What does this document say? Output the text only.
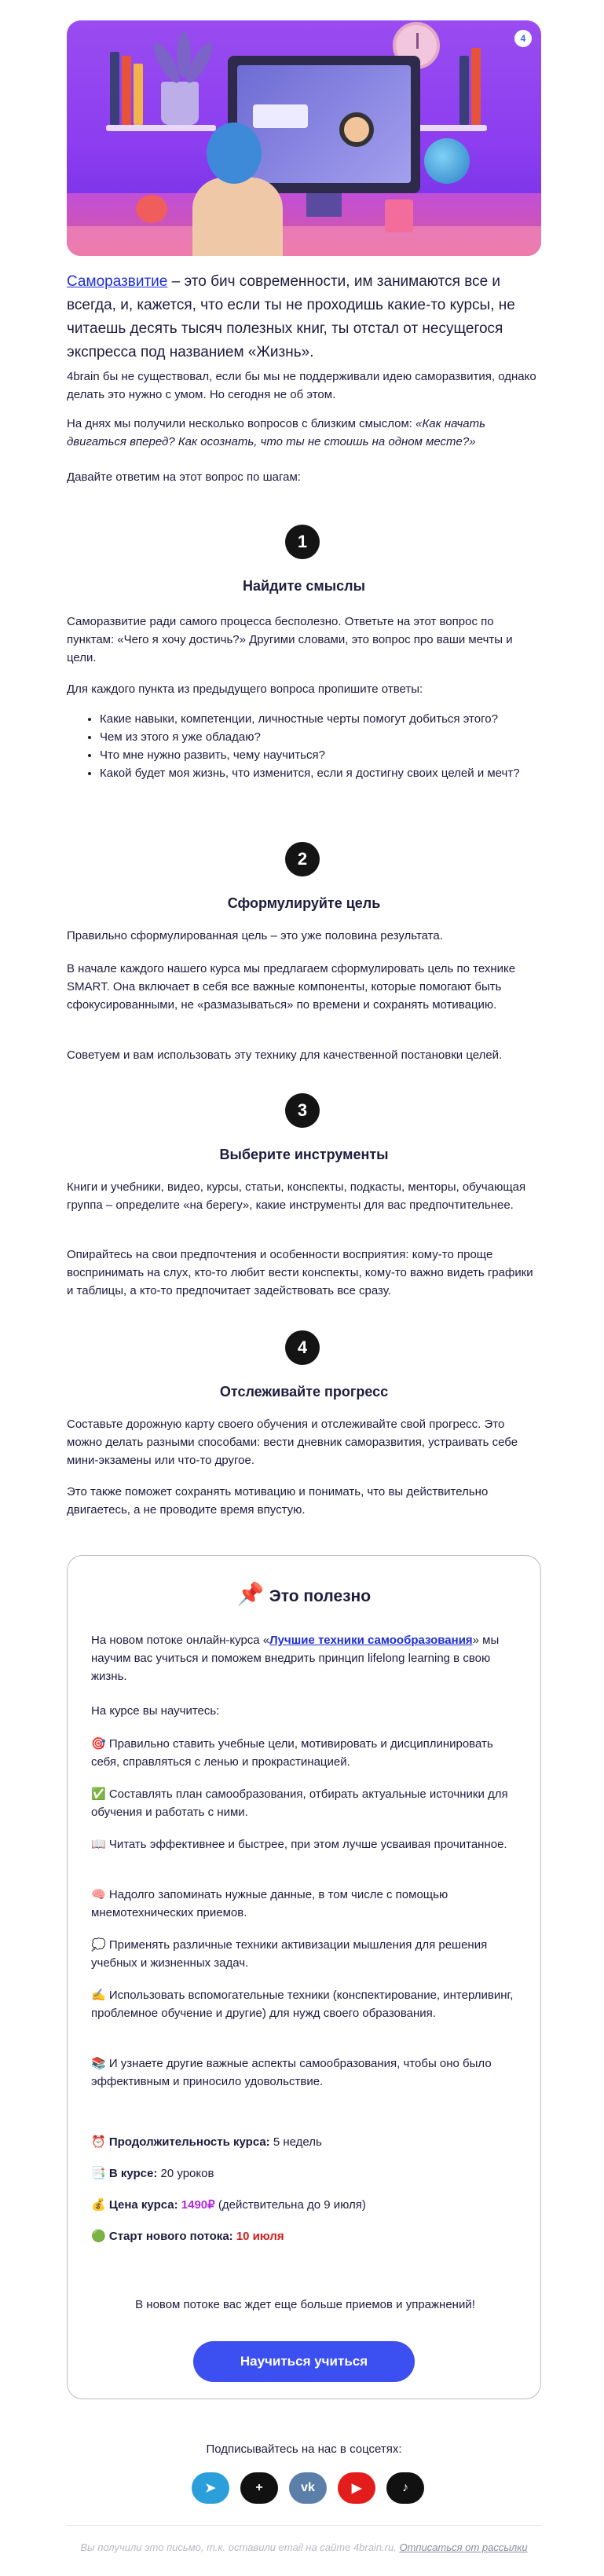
4
Саморазвитие – это бич современности, им занимаются все и всегда, и, кажется, что если ты не проходишь какие-то курсы, не читаешь десять тысяч полезных книг, ты отстал от несущегося экспресса под названием «Жизнь».
4brain бы не существовал, если бы мы не поддерживали идею саморазвития, однако делать это нужно с умом. Но сегодня не об этом.
На днях мы получили несколько вопросов с близким смыслом: «Как начать двигаться вперед? Как осознать, что ты не стоишь на одном месте?»
Давайте ответим на этот вопрос по шагам:
1
Найдите смыслы
Саморазвитие ради самого процесса бесполезно. Ответьте на этот вопрос по пунктам: «Чего я хочу достичь?» Другими словами, это вопрос про ваши мечты и цели.
Для каждого пункта из предыдущего вопроса пропишите ответы:
• Какие навыки, компетенции, личностные черты помогут добиться этого?
• Чем из этого я уже обладаю?
• Что мне нужно развить, чему научиться?
• Какой будет моя жизнь, что изменится, если я достигну своих целей и мечт?
2
Сформулируйте цель
Правильно сформулированная цель – это уже половина результата.
В начале каждого нашего курса мы предлагаем сформулировать цель по технике SMART. Она включает в себя все важные компоненты, которые помогают быть сфокусированными, не «размазываться» по времени и сохранять мотивацию.
Советуем и вам использовать эту технику для качественной постановки целей.
3
Выберите инструменты
Книги и учебники, видео, курсы, статьи, конспекты, подкасты, менторы, обучающая группа – определите «на берегу», какие инструменты для вас предпочтительнее.
Опирайтесь на свои предпочтения и особенности восприятия: кому-то проще воспринимать на слух, кто-то любит вести конспекты, кому-то важно видеть графики и таблицы, а кто-то предпочитает задействовать все сразу.
4
Отслеживайте прогресс
Составьте дорожную карту своего обучения и отслеживайте свой прогресс. Это можно делать разными способами: вести дневник саморазвития, устраивать себе мини-экзамены или что-то другое.
Это также поможет сохранять мотивацию и понимать, что вы действительно двигаетесь, а не проводите время впустую.
📌 Это полезно
На новом потоке онлайн-курса «Лучшие техники самообразования» мы научим вас учиться и поможем внедрить принцип lifelong learning в свою жизнь.
На курсе вы научитесь:
🎯 Правильно ставить учебные цели, мотивировать и дисциплинировать себя, справляться с ленью и прокрастинацией.
✅ Составлять план самообразования, отбирать актуальные источники для обучения и работать с ними.
📖 Читать эффективнее и быстрее, при этом лучше усваивая прочитанное.
🧠 Надолго запоминать нужные данные, в том числе с помощью мнемотехнических приемов.
💭 Применять различные техники активизации мышления для решения учебных и жизненных задач.
✍️ Использовать вспомогательные техники (конспектирование, интерливинг, проблемное обучение и другие) для нужд своего образования.
📚 И узнаете другие важные аспекты самообразования, чтобы оно было эффективным и приносило удовольствие.
⏰ Продолжительность курса: 5 недель
📑 В курсе: 20 уроков
💰 Цена курса: 1490₽ (действительна до 9 июля)
🟢 Старт нового потока: 10 июля
В новом потоке вас ждет еще больше приемов и упражнений!
Научиться учиться
Подписывайтесь на нас в соцсетях:
➤	+	vk	▶	♪
Вы получили это письмо, т.к. оставили email на сайте 4brain.ru. Отписаться от рассылки
